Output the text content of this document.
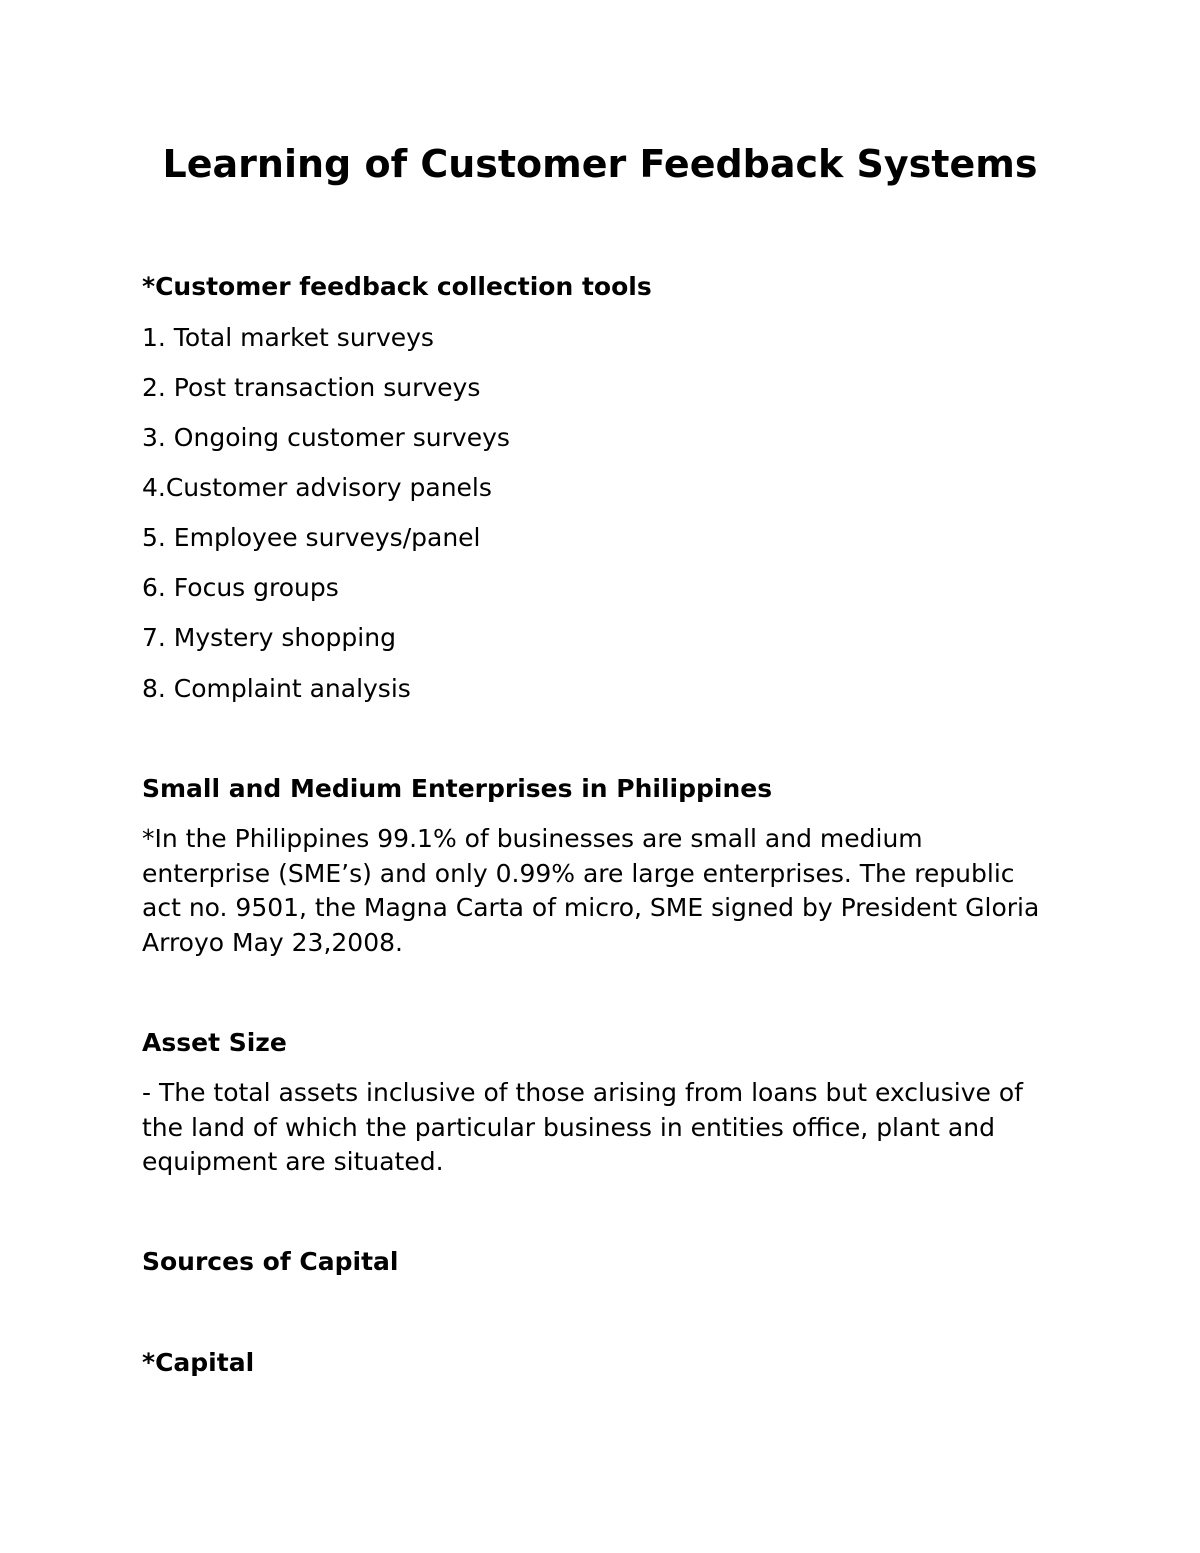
Learning of Customer Feedback Systems
*Customer feedback collection tools

1. Total market surveys

2. Post transaction surveys

3. Ongoing customer surveys

4.Customer advisory panels

5. Employee surveys/panel

6. Focus groups

7. Mystery shopping

8. Complaint analysis

Small and Medium Enterprises in Philippines

*In the Philippines 99.1% of businesses are small and medium enterprise (SME’s) and only 0.99% are large enterprises. The republic act no. 9501, the Magna Carta of micro, SME signed by President Gloria Arroyo May 23,2008.

Asset Size

- The total assets inclusive of those arising from loans but exclusive of the land of which the particular business in entities office, plant and equipment are situated.

Sources of Capital
*Capital
